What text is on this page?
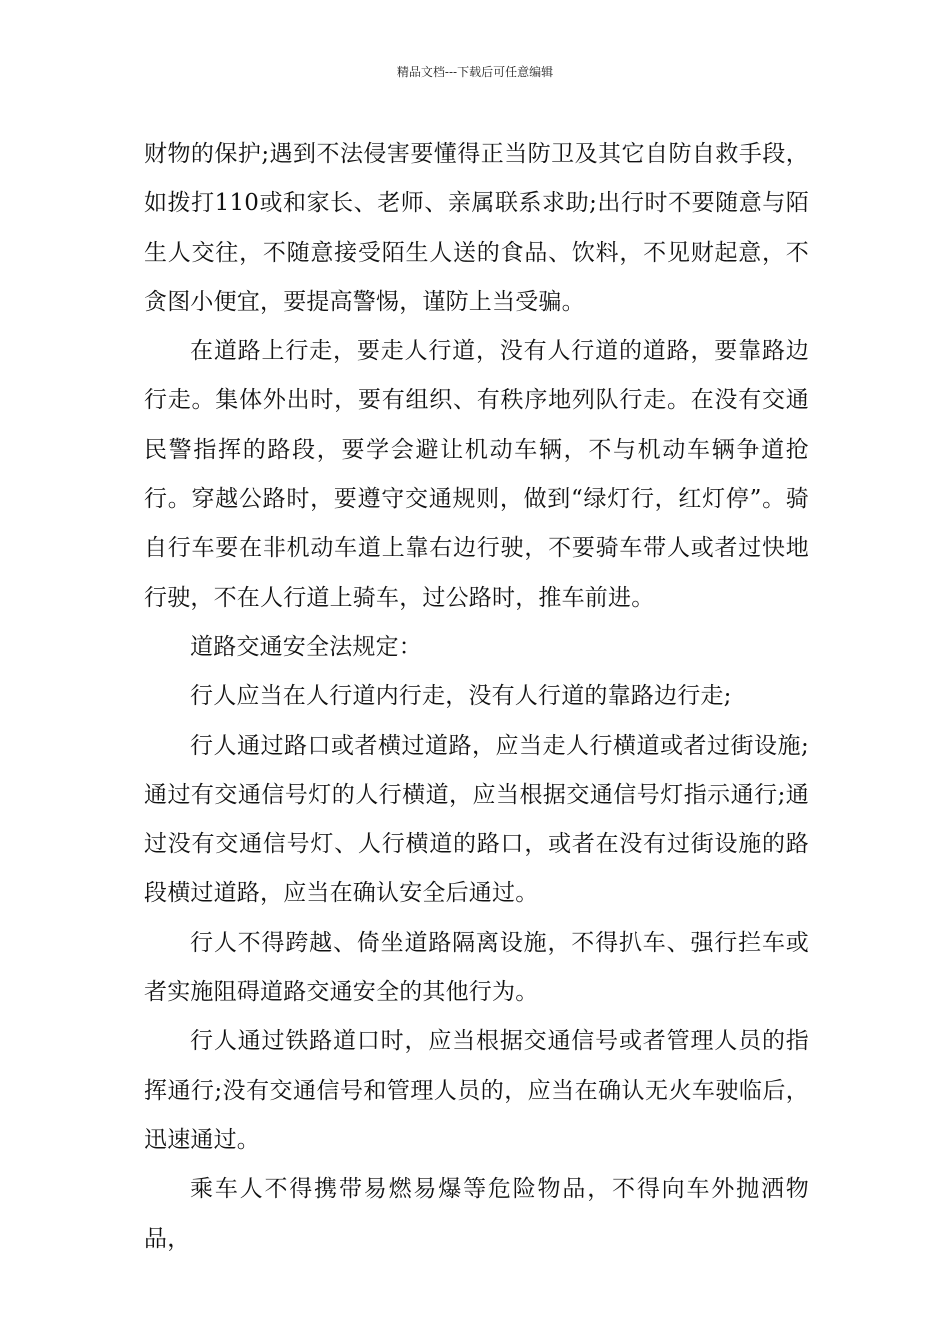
精品文档---下载后可任意编辑

财物的保护;遇到不法侵害要懂得正当防卫及其它自防自救手段，如拨打110或和家长、老师、亲属联系求助;出行时不要随意与陌生人交往，不随意接受陌生人送的食品、饮料，不见财起意，不贪图小便宜，要提高警惕，谨防上当受骗。

在道路上行走，要走人行道，没有人行道的道路，要靠路边行走。集体外出时，要有组织、有秩序地列队行走。在没有交通民警指挥的路段，要学会避让机动车辆，不与机动车辆争道抢行。穿越公路时，要遵守交通规则，做到“绿灯行，红灯停”。骑自行车要在非机动车道上靠右边行驶，不要骑车带人或者过快地行驶，不在人行道上骑车，过公路时，推车前进。

道路交通安全法规定：

行人应当在人行道内行走，没有人行道的靠路边行走;

行人通过路口或者横过道路，应当走人行横道或者过街设施;通过有交通信号灯的人行横道，应当根据交通信号灯指示通行;通过没有交通信号灯、人行横道的路口，或者在没有过街设施的路段横过道路，应当在确认安全后通过。

行人不得跨越、倚坐道路隔离设施，不得扒车、强行拦车或者实施阻碍道路交通安全的其他行为。

行人通过铁路道口时，应当根据交通信号或者管理人员的指挥通行;没有交通信号和管理人员的，应当在确认无火车驶临后，迅速通过。

乘车人不得携带易燃易爆等危险物品，不得向车外抛洒物品，
